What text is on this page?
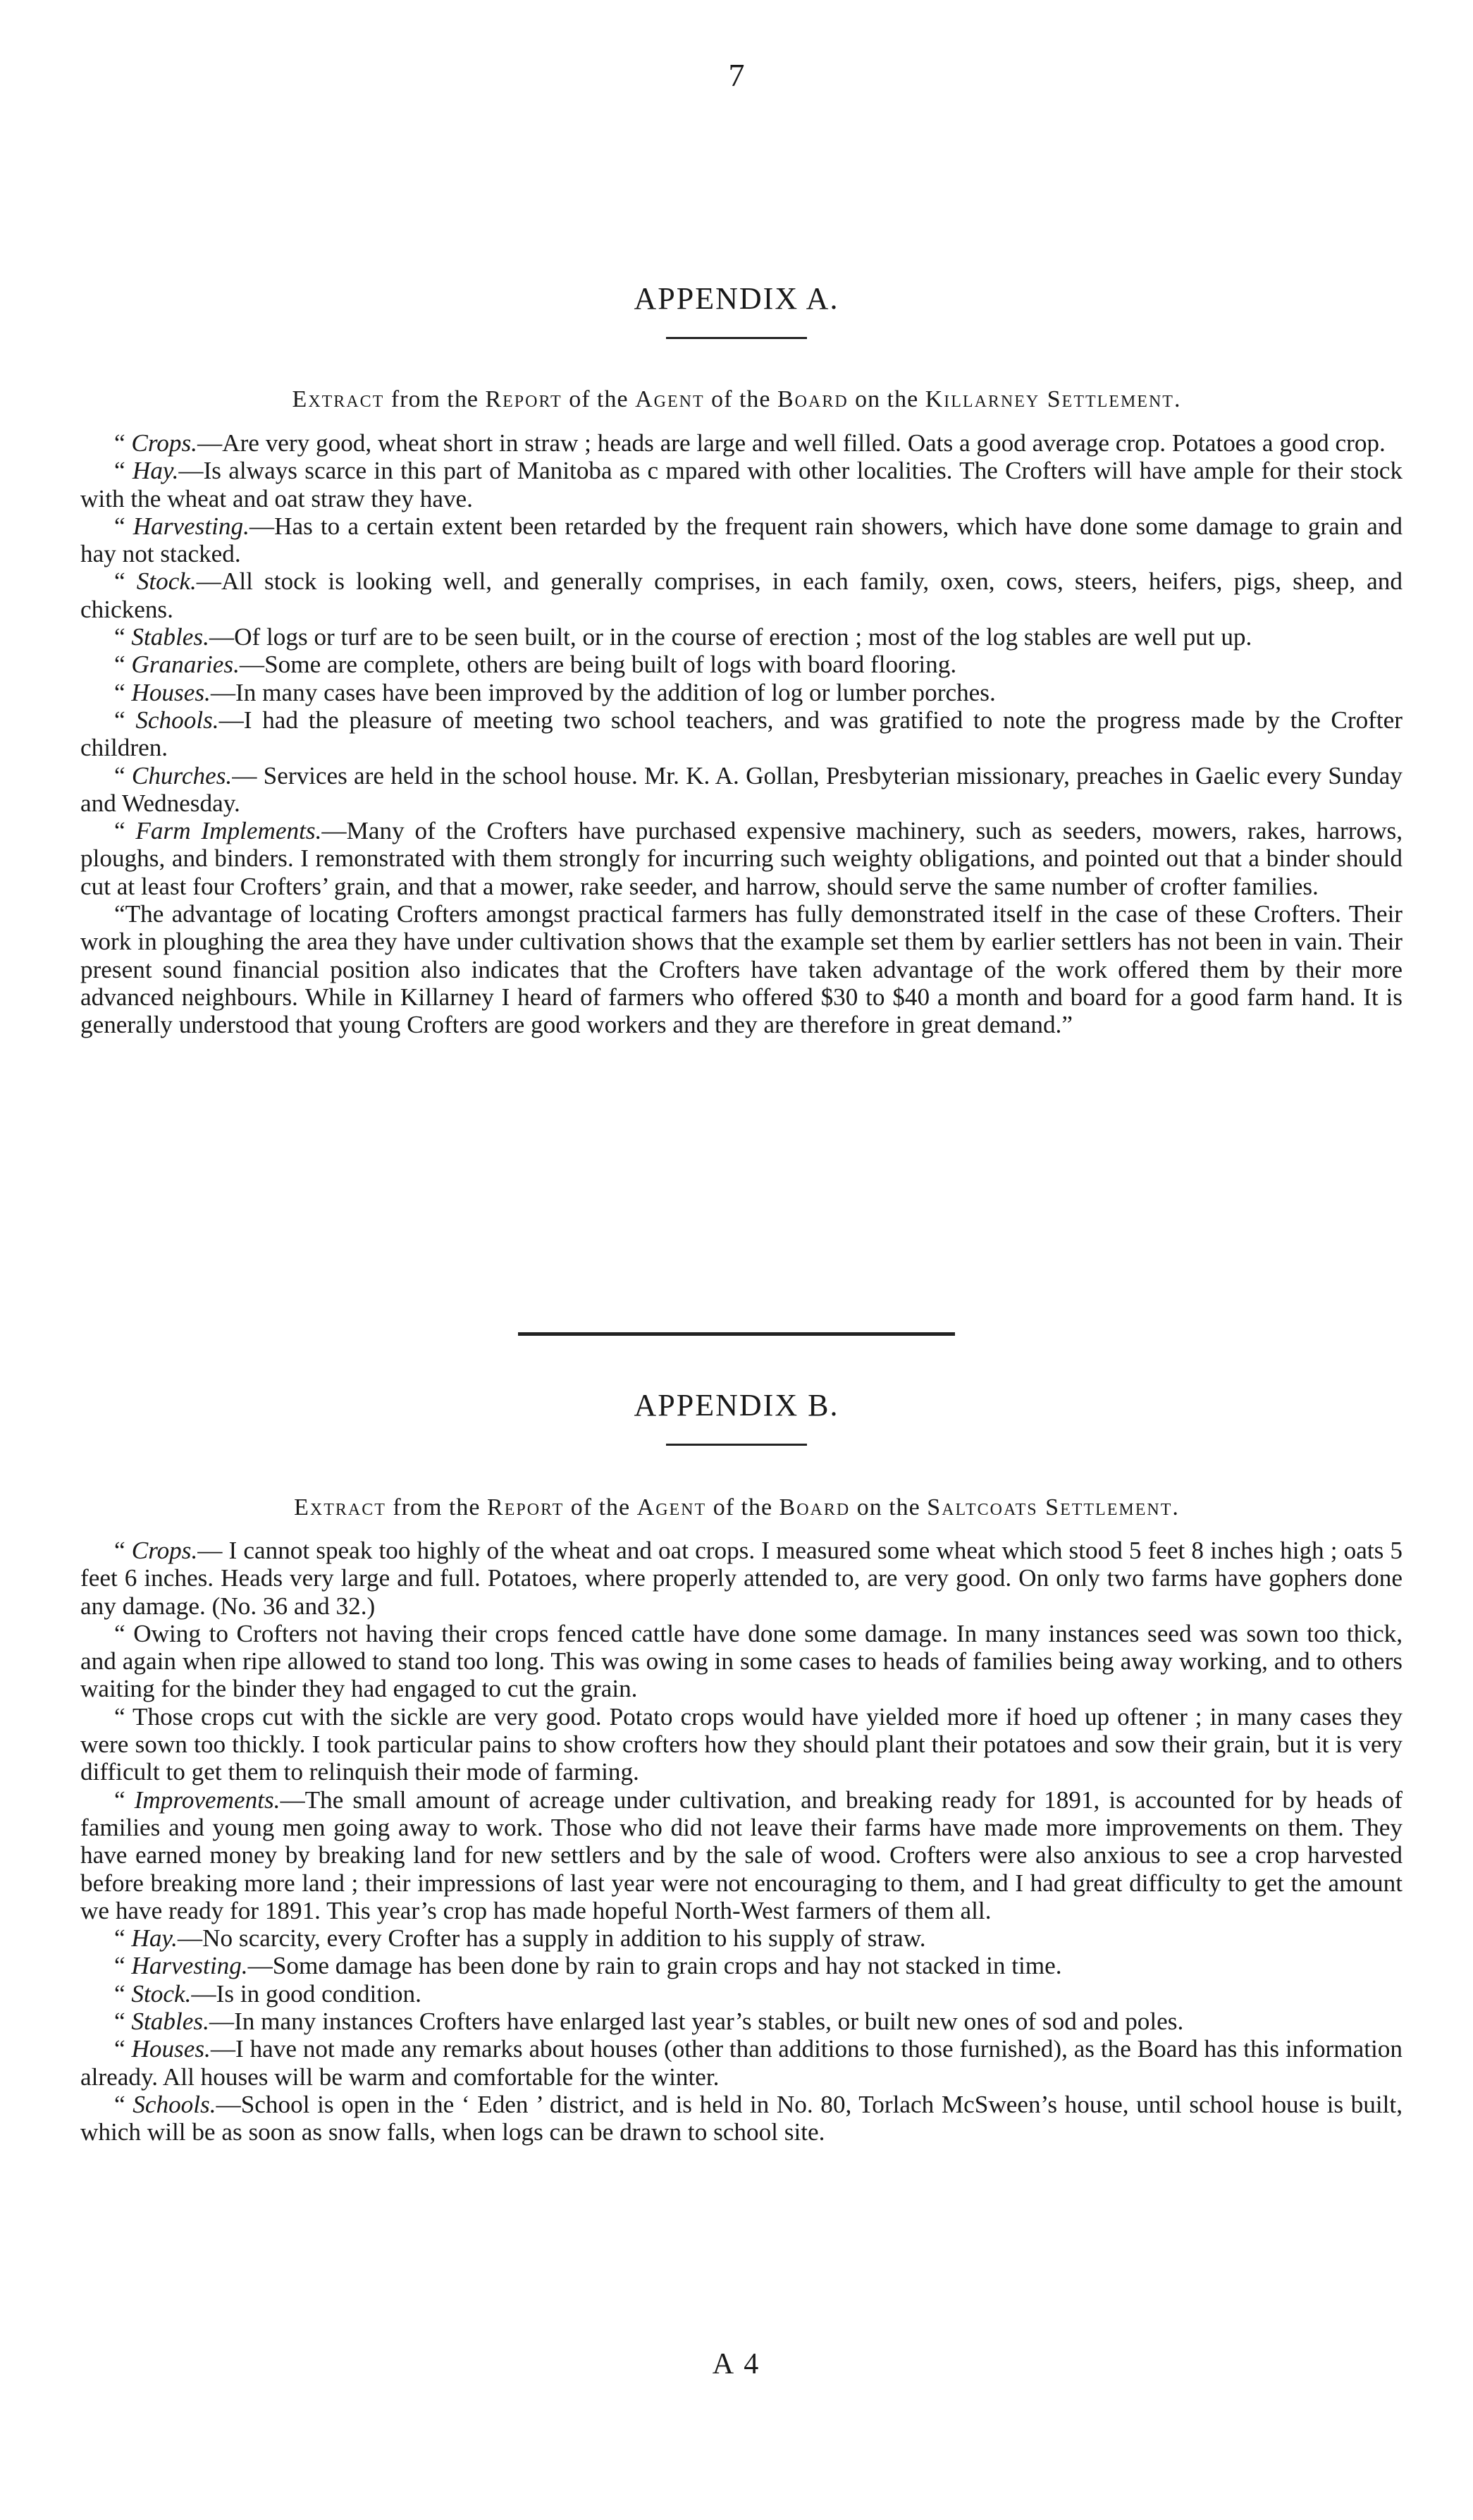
7
APPENDIX A.
Extract from the Report of the Agent of the Board on the Killarney Settlement.

“ Crops.—Are very good, wheat short in straw ; heads are large and well filled. Oats a good average crop. Potatoes a good crop.

“ Hay.—Is always scarce in this part of Manitoba as c mpared with other localities. The Crofters will have ample for their stock with the wheat and oat straw they have.

“ Harvesting.—Has to a certain extent been retarded by the frequent rain showers, which have done some damage to grain and hay not stacked.

“ Stock.—All stock is looking well, and generally comprises, in each family, oxen, cows, steers, heifers, pigs, sheep, and chickens.

“ Stables.—Of logs or turf are to be seen built, or in the course of erection ; most of the log stables are well put up.

“ Granaries.—Some are complete, others are being built of logs with board flooring.

“ Houses.—In many cases have been improved by the addition of log or lumber porches.

“ Schools.—I had the pleasure of meeting two school teachers, and was gratified to note the progress made by the Crofter children.

“ Churches.— Services are held in the school house. Mr. K. A. Gollan, Presbyterian missionary, preaches in Gaelic every Sunday and Wednesday.

“ Farm Implements.—Many of the Crofters have purchased expensive machinery, such as seeders, mowers, rakes, harrows, ploughs, and binders. I remonstrated with them strongly for incurring such weighty obligations, and pointed out that a binder should cut at least four Crofters’ grain, and that a mower, rake seeder, and harrow, should serve the same number of crofter families.

“The advantage of locating Crofters amongst practical farmers has fully demonstrated itself in the case of these Crofters. Their work in ploughing the area they have under cultivation shows that the example set them by earlier settlers has not been in vain. Their present sound financial position also indicates that the Crofters have taken advantage of the work offered them by their more advanced neighbours. While in Killarney I heard of farmers who offered $30 to $40 a month and board for a good farm hand. It is generally understood that young Crofters are good workers and they are therefore in great demand.”

APPENDIX B.
Extract from the Report of the Agent of the Board on the Saltcoats Settlement.

“ Crops.— I cannot speak too highly of the wheat and oat crops. I measured some wheat which stood 5 feet 8 inches high ; oats 5 feet 6 inches. Heads very large and full. Potatoes, where properly attended to, are very good. On only two farms have gophers done any damage. (No. 36 and 32.)

“ Owing to Crofters not having their crops fenced cattle have done some damage. In many instances seed was sown too thick, and again when ripe allowed to stand too long. This was owing in some cases to heads of families being away working, and to others waiting for the binder they had engaged to cut the grain.

“ Those crops cut with the sickle are very good. Potato crops would have yielded more if hoed up oftener ; in many cases they were sown too thickly. I took particular pains to show crofters how they should plant their potatoes and sow their grain, but it is very difficult to get them to relinquish their mode of farming.

“ Improvements.—The small amount of acreage under cultivation, and breaking ready for 1891, is accounted for by heads of families and young men going away to work. Those who did not leave their farms have made more improvements on them. They have earned money by breaking land for new settlers and by the sale of wood. Crofters were also anxious to see a crop harvested before breaking more land ; their impressions of last year were not encouraging to them, and I had great difficulty to get the amount we have ready for 1891. This year’s crop has made hopeful North-West farmers of them all.

“ Hay.—No scarcity, every Crofter has a supply in addition to his supply of straw.

“ Harvesting.—Some damage has been done by rain to grain crops and hay not stacked in time.

“ Stock.—Is in good condition.

“ Stables.—In many instances Crofters have enlarged last year’s stables, or built new ones of sod and poles.

“ Houses.—I have not made any remarks about houses (other than additions to those furnished), as the Board has this information already. All houses will be warm and comfortable for the winter.

“ Schools.—School is open in the ‘ Eden ’ district, and is held in No. 80, Torlach McSween’s house, until school house is built, which will be as soon as snow falls, when logs can be drawn to school site.

A 4
